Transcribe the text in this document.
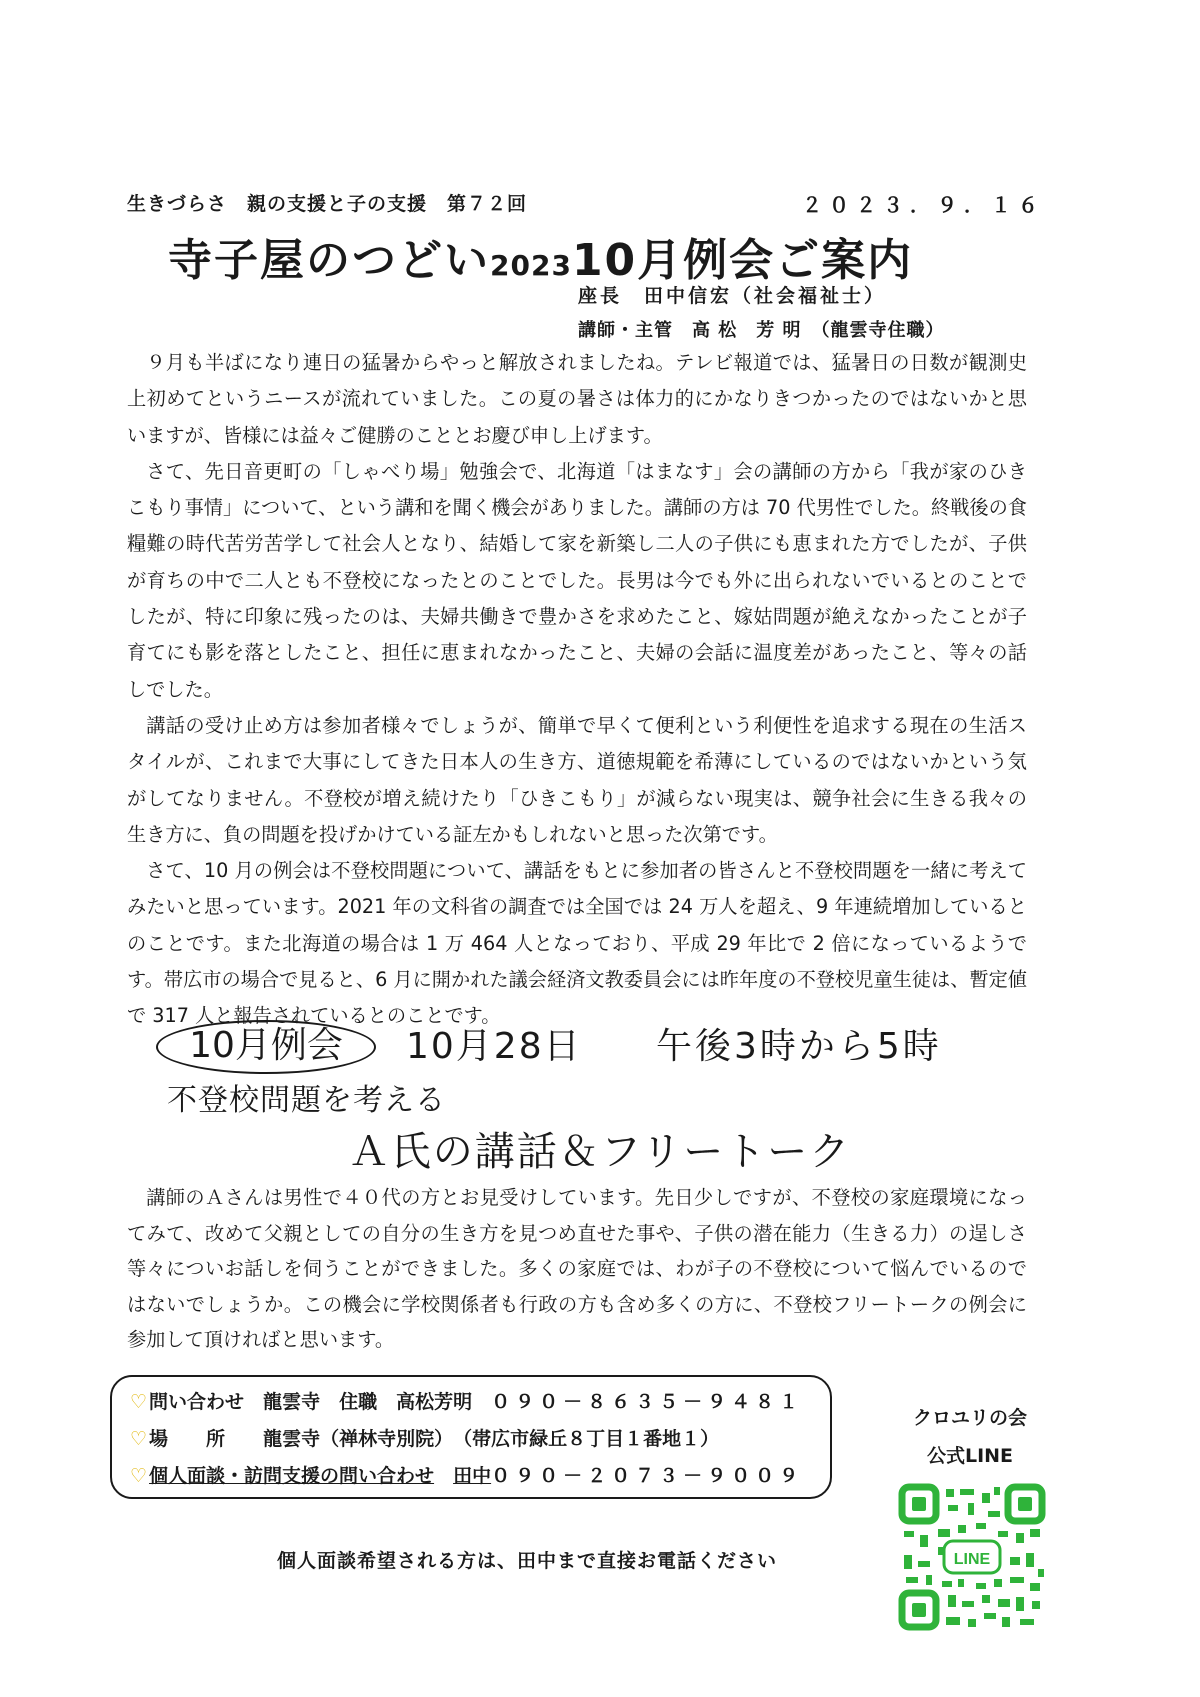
生きづらさ　親の支援と子の支援　第７２回	２０２３．９．１６
寺子屋のつどい202310月例会ご案内
座長　田中信宏（社会福祉士）
講師・主管　高 松　芳 明　（龍雲寺住職）

９月も半ばになり連日の猛暑からやっと解放されましたね。テレビ報道では、猛暑日の日数が観測史上初めてというニースが流れていました。この夏の暑さは体力的にかなりきつかったのではないかと思いますが、皆様には益々ご健勝のこととお慶び申し上げます。

さて、先日音更町の「しゃべり場」勉強会で、北海道「はまなす」会の講師の方から「我が家のひきこもり事情」について、という講和を聞く機会がありました。講師の方は 70 代男性でした。終戦後の食糧難の時代苦労苦学して社会人となり、結婚して家を新築し二人の子供にも恵まれた方でしたが、子供が育ちの中で二人とも不登校になったとのことでした。長男は今でも外に出られないでいるとのことでしたが、特に印象に残ったのは、夫婦共働きで豊かさを求めたこと、嫁姑問題が絶えなかったことが子育てにも影を落としたこと、担任に恵まれなかったこと、夫婦の会話に温度差があったこと、等々の話しでした。

講話の受け止め方は参加者様々でしょうが、簡単で早くて便利という利便性を追求する現在の生活スタイルが、これまで大事にしてきた日本人の生き方、道徳規範を希薄にしているのではないかという気がしてなりません。不登校が増え続けたり「ひきこもり」が減らない現実は、競争社会に生きる我々の生き方に、負の問題を投げかけている証左かもしれないと思った次第です。

さて、10 月の例会は不登校問題について、講話をもとに参加者の皆さんと不登校問題を一緒に考えてみたいと思っています。2021 年の文科省の調査では全国では 24 万人を超え、9 年連続増加しているとのことです。また北海道の場合は 1 万 464 人となっており、平成 29 年比で 2 倍になっているようです。帯広市の場合で見ると、6 月に開かれた議会経済文教委員会には昨年度の不登校児童生徒は、暫定値で 317 人と報告されているとのことです。

10月例会	10月28日 午後3時から5時
不登校問題を考える
Ａ氏の講話＆フリートーク

講師のＡさんは男性で４０代の方とお見受けしています。先日少しですが、不登校の家庭環境になってみて、改めて父親としての自分の生き方を見つめ直せた事や、子供の潜在能力（生きる力）の逞しさ等々についお話しを伺うことができました。多くの家庭では、わが子の不登校について悩んでいるのではないでしょうか。この機会に学校関係者も行政の方も含め多くの方に、不登校フリートークの例会に参加して頂ければと思います。

♡ 問い合わせ　 龍雲寺　住職　高松芳明　 ０９０－８６３５－９４８１
♡ 場　　所　　 龍雲寺（禅林寺別院）　 （帯広市緑丘８丁目１番地１）
♡ 個人面談・訪問支援の問い合わせ　 田中０９０－２０７３－９００９
個人面談希望される方は、田中まで直接お電話ください
クロユリの会
公式LINE
LINE
